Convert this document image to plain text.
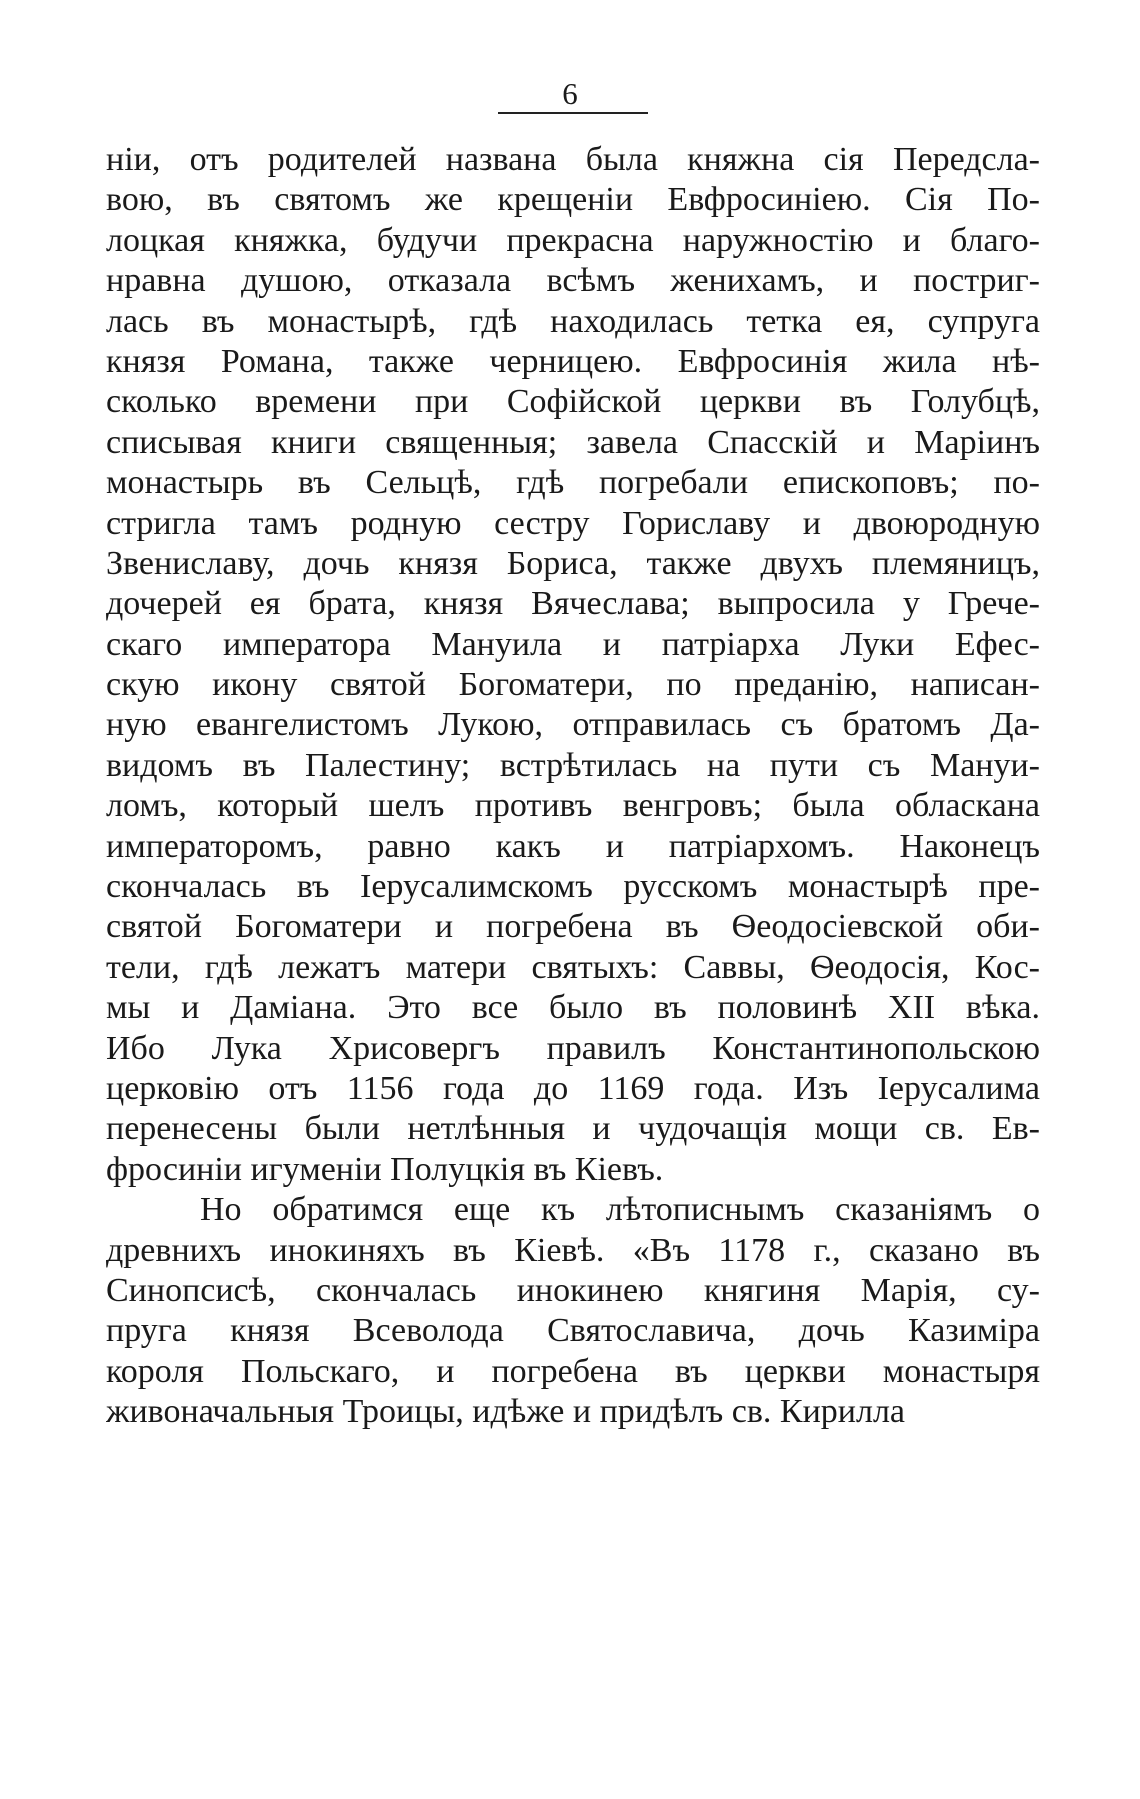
6
ніи, отъ родителей названа была княжна сія Передсла-
вою, въ святомъ же крещеніи Евфросиніею. Сія По-
лоцкая княжка, будучи прекрасна наружностію и благо-
нравна душою, отказала всѣмъ женихамъ, и постриг-
лась въ монастырѣ, гдѣ находилась тетка ея, супруга
князя Романа, также черницею. Евфросинія жила нѣ-
сколько времени при Софійской церкви въ Голубцѣ,
списывая книги священныя; завела Спасскій и Маріинъ
монастырь въ Сельцѣ, гдѣ погребали епископовъ; по-
стригла тамъ родную сестру Гориславу и двоюродную
Звениславу, дочь князя Бориса, также двухъ племяницъ,
дочерей ея брата, князя Вячеслава; выпросила у Грече-
скаго императора Мануила и патріарха Луки Ефес-
скую икону святой Богоматери, по преданію, написан-
ную евангелистомъ Лукою, отправилась съ братомъ Да-
видомъ въ Палестину; встрѣтилась на пути съ Мануи-
ломъ, который шелъ противъ венгровъ; была обласкана
императоромъ, равно какъ и патріархомъ. Наконецъ
скончалась въ Іерусалимскомъ русскомъ монастырѣ пре-
святой Богоматери и погребена въ Ѳеодосіевской оби-
тели, гдѣ лежатъ матери святыхъ: Саввы, Ѳеодосія, Кос-
мы и Даміана. Это все было въ половинѣ XII вѣка.
Ибо Лука Хрисовергъ правилъ Константинопольскою
церковію отъ 1156 года до 1169 года. Изъ Іерусалима
перенесены были нетлѣнныя и чудочащія мощи св. Ев-
фросиніи игуменіи Полуцкія въ Кіевъ.
Но обратимся еще къ лѣтописнымъ сказаніямъ о
древнихъ инокиняхъ въ Кіевѣ. «Въ 1178 г., сказано въ
Синопсисѣ, скончалась инокинею княгиня Марія, су-
пруга князя Всеволода Святославича, дочь Казиміра
короля Польскаго, и погребена въ церкви монастыря
живоначальныя Троицы, идѣже и придѣлъ св. Кирилла
